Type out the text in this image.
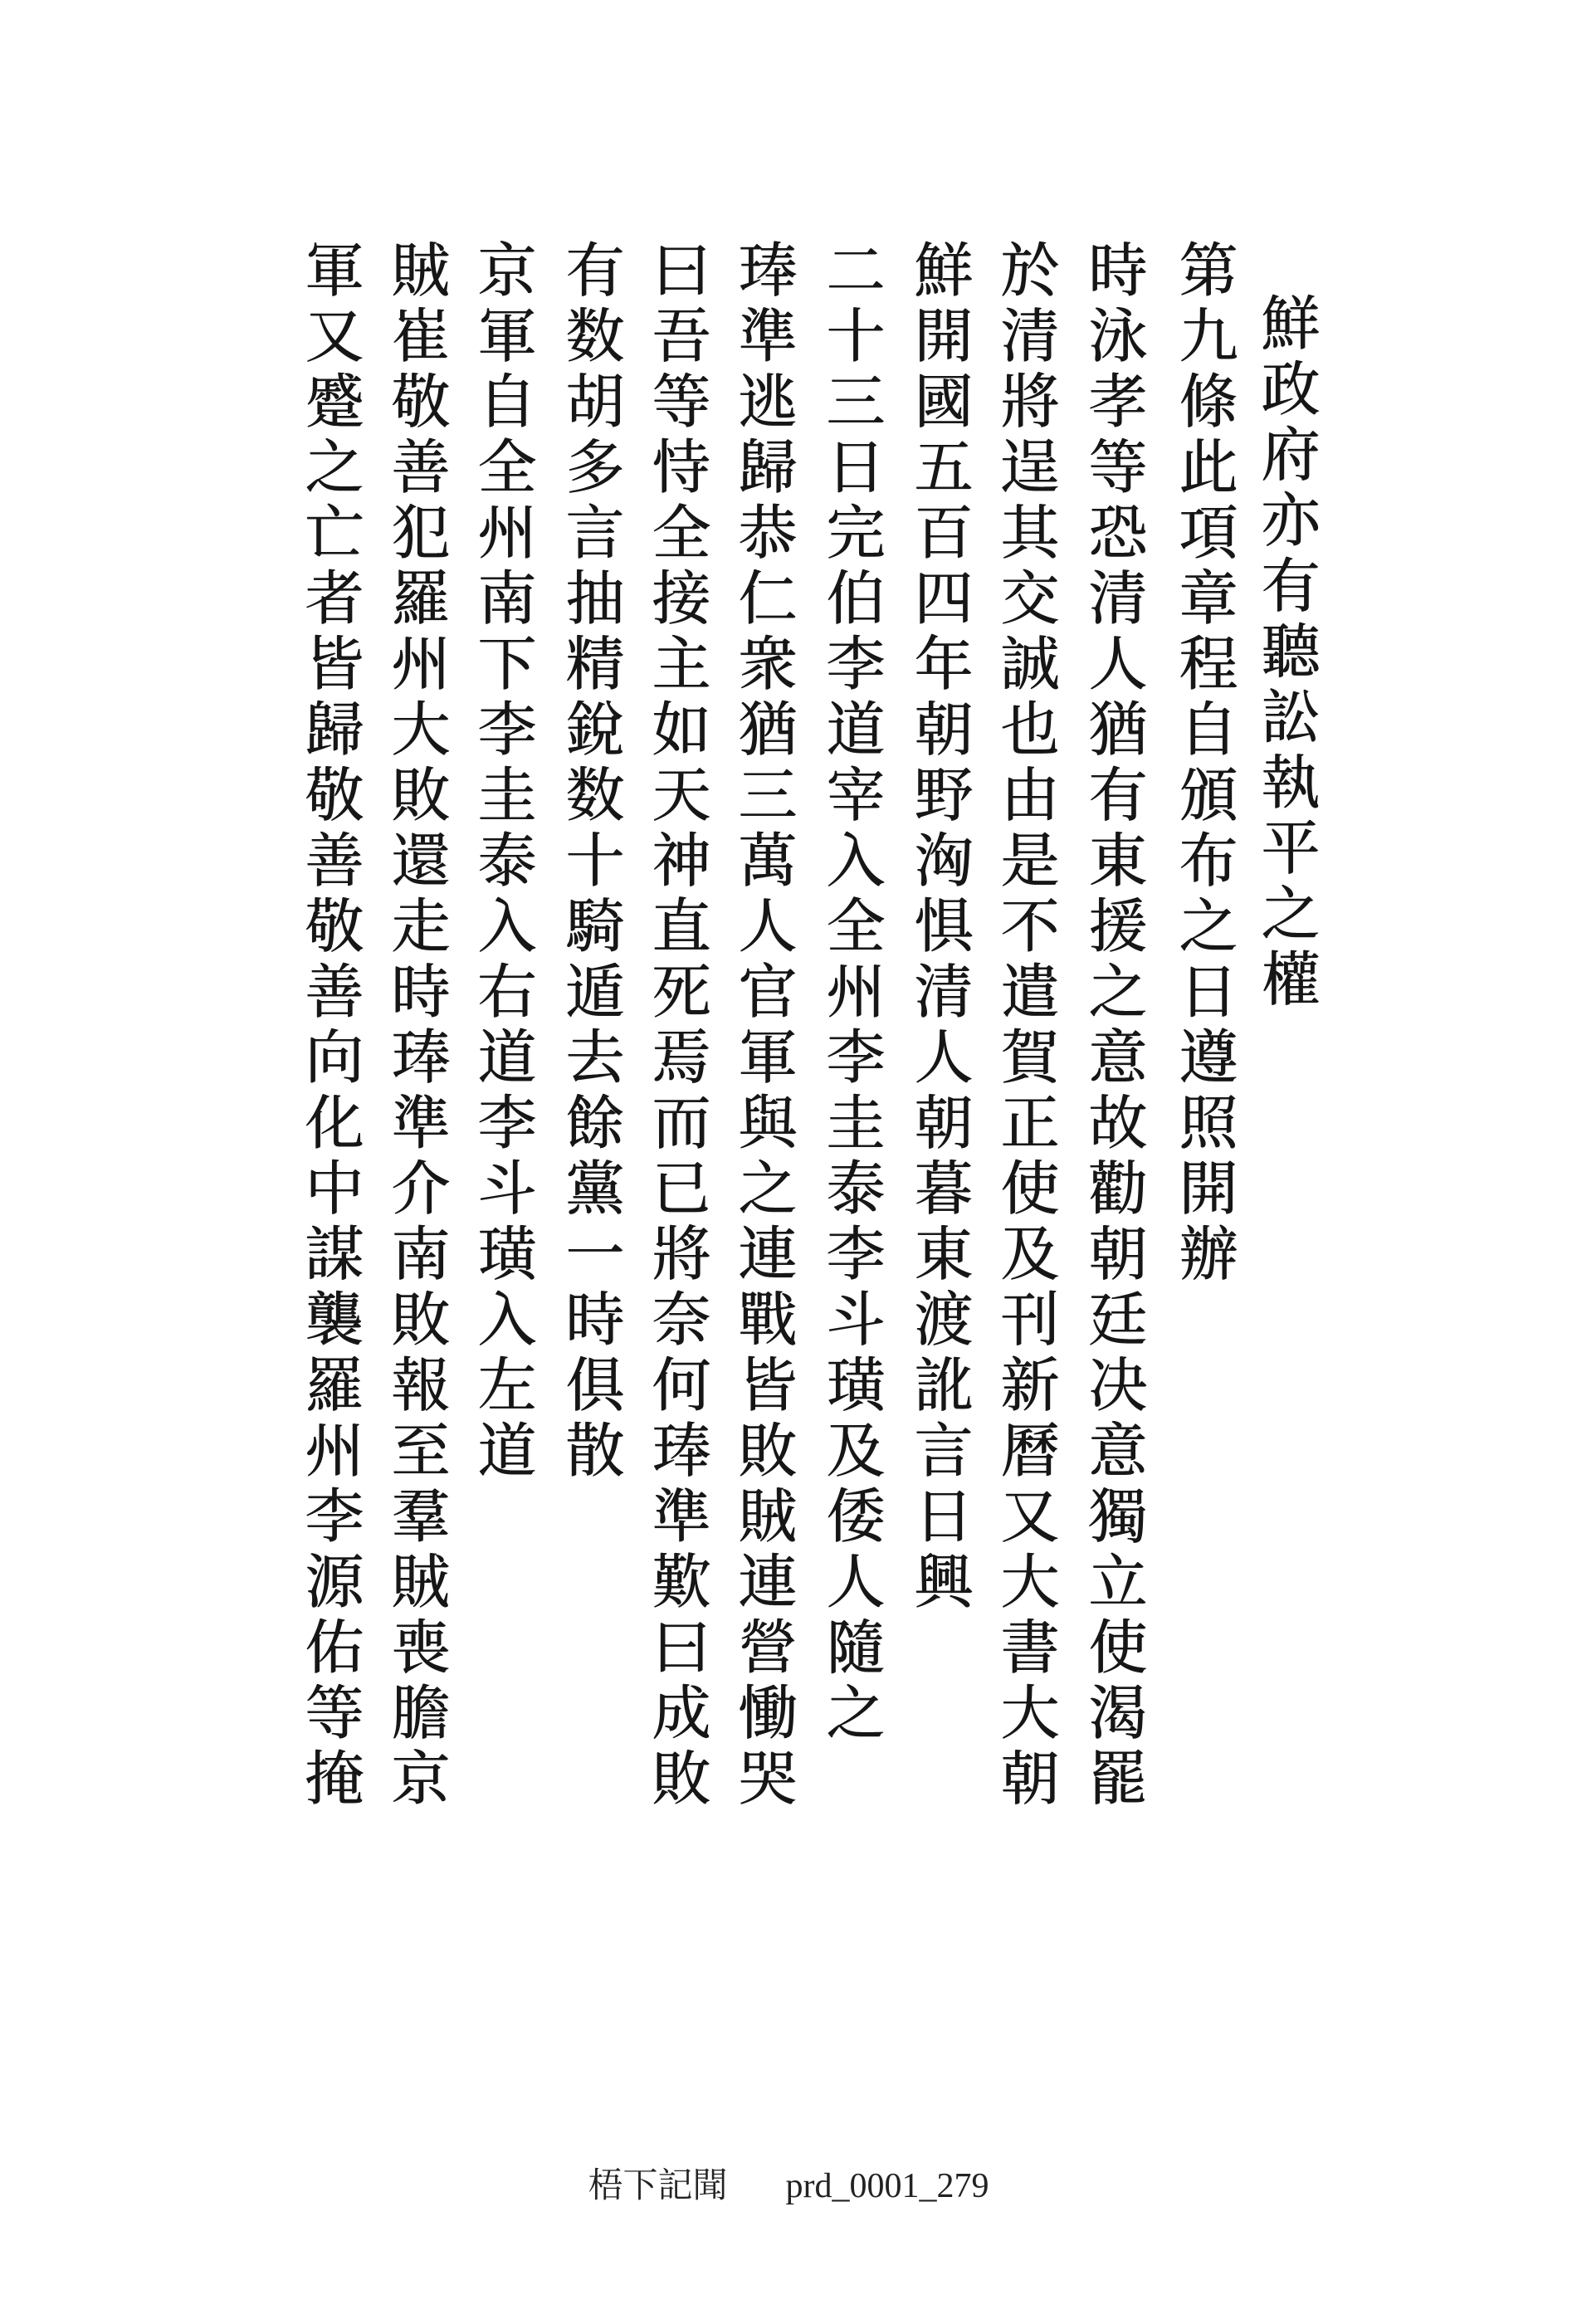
鮮政府亦有聽訟執平之權
第九條此項章程自頒布之日遵照開辦
時泳孝等恐清人猶有東援之意故勸朝廷决意獨立使渴罷
於清將逞其交誠也由是不遣賀正使及刊新曆又大書大朝
鮮開國五百四年朝野洶惧清人朝暮東渡訛言日興
二十三日完伯李道宰入全州李圭泰李斗璜及倭人隨之
琫準逃歸恭仁衆猶三萬人官軍與之連戰皆敗賊連營慟哭
曰吾等恃全接主如天神直死焉而已將奈何琫準歎曰成敗
有数胡多言抽精銳数十騎遁去餘黨一時俱散
京軍自全州南下李圭泰入右道李斗璜入左道
賊崔敬善犯羅州大敗還走時琫準介南敗報至羣賊喪膽京
軍又蹙之亡者皆歸敬善敬善向化中謀襲羅州李源佑等掩
梧下記聞 prd_0001_279
